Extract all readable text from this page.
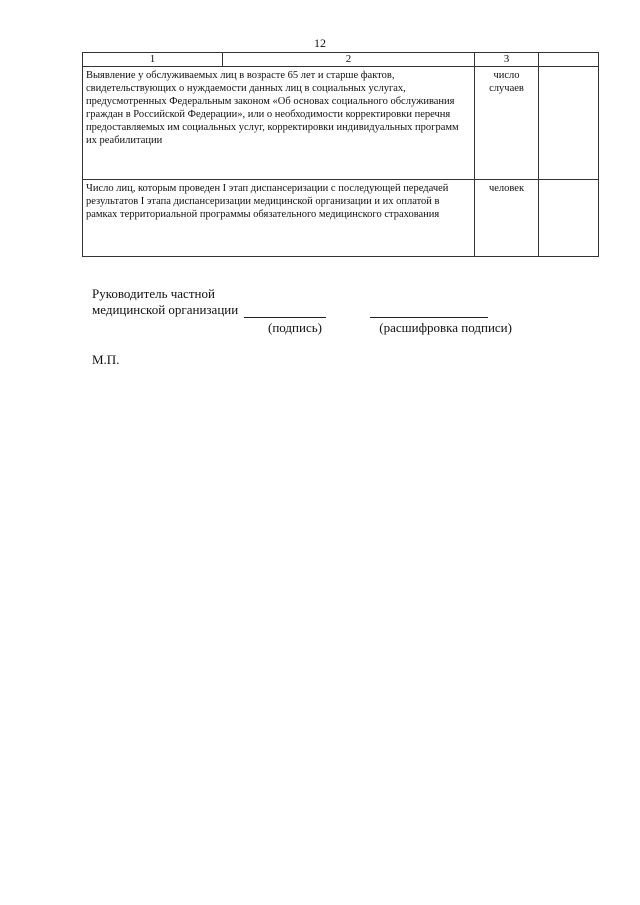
12
1	2	3	
Выявление у обслуживаемых лиц в возрасте 65 лет и старше фактов, свидетельствующих о нуждаемости данных лиц в социальных услугах, предусмотренных Федеральным законом «Об основах социального обслуживания граждан в Российской Федерации», или о необходимости корректировки перечня предоставляемых им социальных услуг, корректировки индивидуальных программ их реабилитации		число случаев	
Число лиц, которым проведен I этап диспансеризации с последующей передачей результатов I этапа диспансеризации медицинской организации и их оплатой в рамках территориальной программы обязательного медицинского страхования		человек	
Руководитель частной
медицинской организации
(подпись)	(расшифровка подписи)
М.П.
